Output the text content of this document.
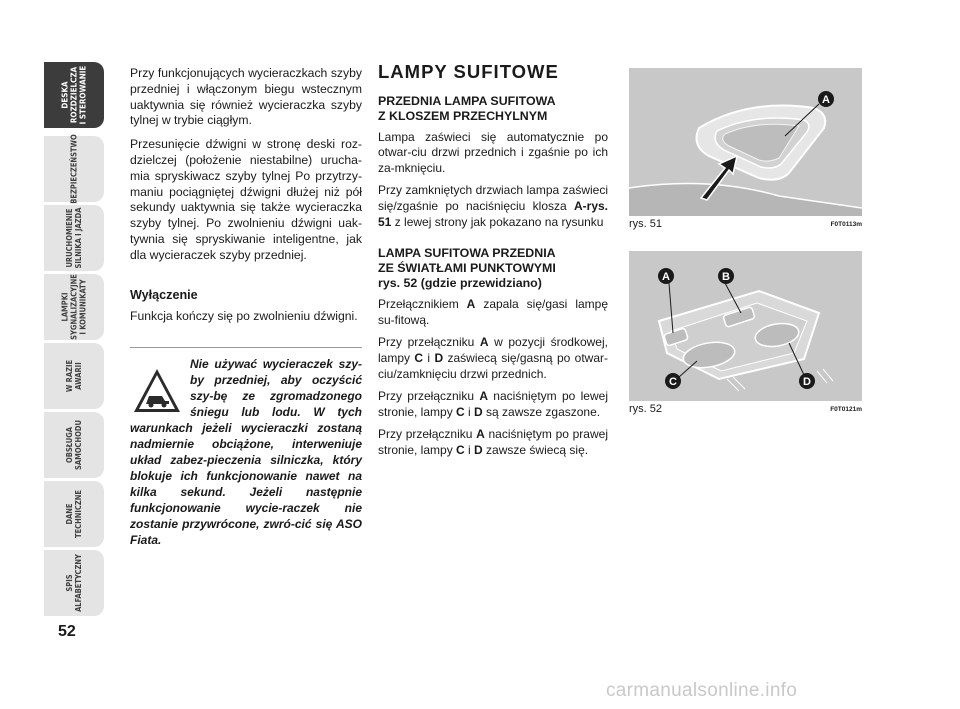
DESKA
ROZDZIELCZA
I STEROWANIE
BEZPIECZEŃSTWO
URUCHOMIENIE
SILNIKA I JAZDA
LAMPKI
SYGNALIZACYJNE
I KOMUNIKATY
W RAZIE
AWARII
OBSŁUGA
SAMOCHODU
DANE
TECHNICZNE
SPIS
ALFABETYCZNY
52

Przy funkcjonujących wycieraczkach szyby przedniej i włączonym biegu wstecznym uaktywnia się również wycieraczka szyby tylnej w trybie ciągłym.

Przesunięcie dźwigni w stronę deski roz-dzielczej (położenie niestabilne) urucha-mia spryskiwacz szyby tylnej Po przytrzy-maniu pociągniętej dźwigni dłużej niż pół sekundy uaktywnia się także wycieraczka szyby tylnej. Po zwolnieniu dźwigni uak-tywnia się spryskiwanie inteligentne, jak dla wycieraczek szyby przedniej.

Wyłączenie

Funkcja kończy się po zwolnieniu dźwigni.

Nie używać wycieraczek szy-by przedniej, aby oczyścić szy-bę ze zgromadzonego śniegu lub lodu. W tych warunkach jeżeli wycieraczki zostaną nadmiernie obciążone, interweniuje układ zabez-pieczenia silniczka, który blokuje ich funkcjonowanie nawet na kilka sekund. Jeżeli następnie funkcjonowanie wycie-raczek nie zostanie przywrócone, zwró-cić się ASO Fiata.
LAMPY SUFITOWE
PRZEDNIA LAMPA SUFITOWA
Z KLOSZEM PRZECHYLNYM

Lampa zaświeci się automatycznie po otwar-ciu drzwi przednich i zgaśnie po ich za-mknięciu.

Przy zamkniętych drzwiach lampa zaświeci się/zgaśnie po naciśnięciu klosza A-rys. 51 z lewej strony jak pokazano na rysunku

LAMPA SUFITOWA PRZEDNIA
ZE ŚWIATŁAMI PUNKTOWYMI
rys. 52 (gdzie przewidziano)

Przełącznikiem A zapala się/gasi lampę su-fitową.

Przy przełączniku A w pozycji środkowej, lampy C i D zaświecą się/gasną po otwar-ciu/zamknięciu drzwi przednich.

Przy przełączniku A naciśniętym po lewej stronie, lampy C i D są zawsze zgaszone.

Przy przełączniku A naciśniętym po prawej stronie, lampy C i D zawsze świecą się.

A
rys. 51	F0T0113m
A	B
C	D
rys. 52	F0T0121m
carmanualsonline.info
